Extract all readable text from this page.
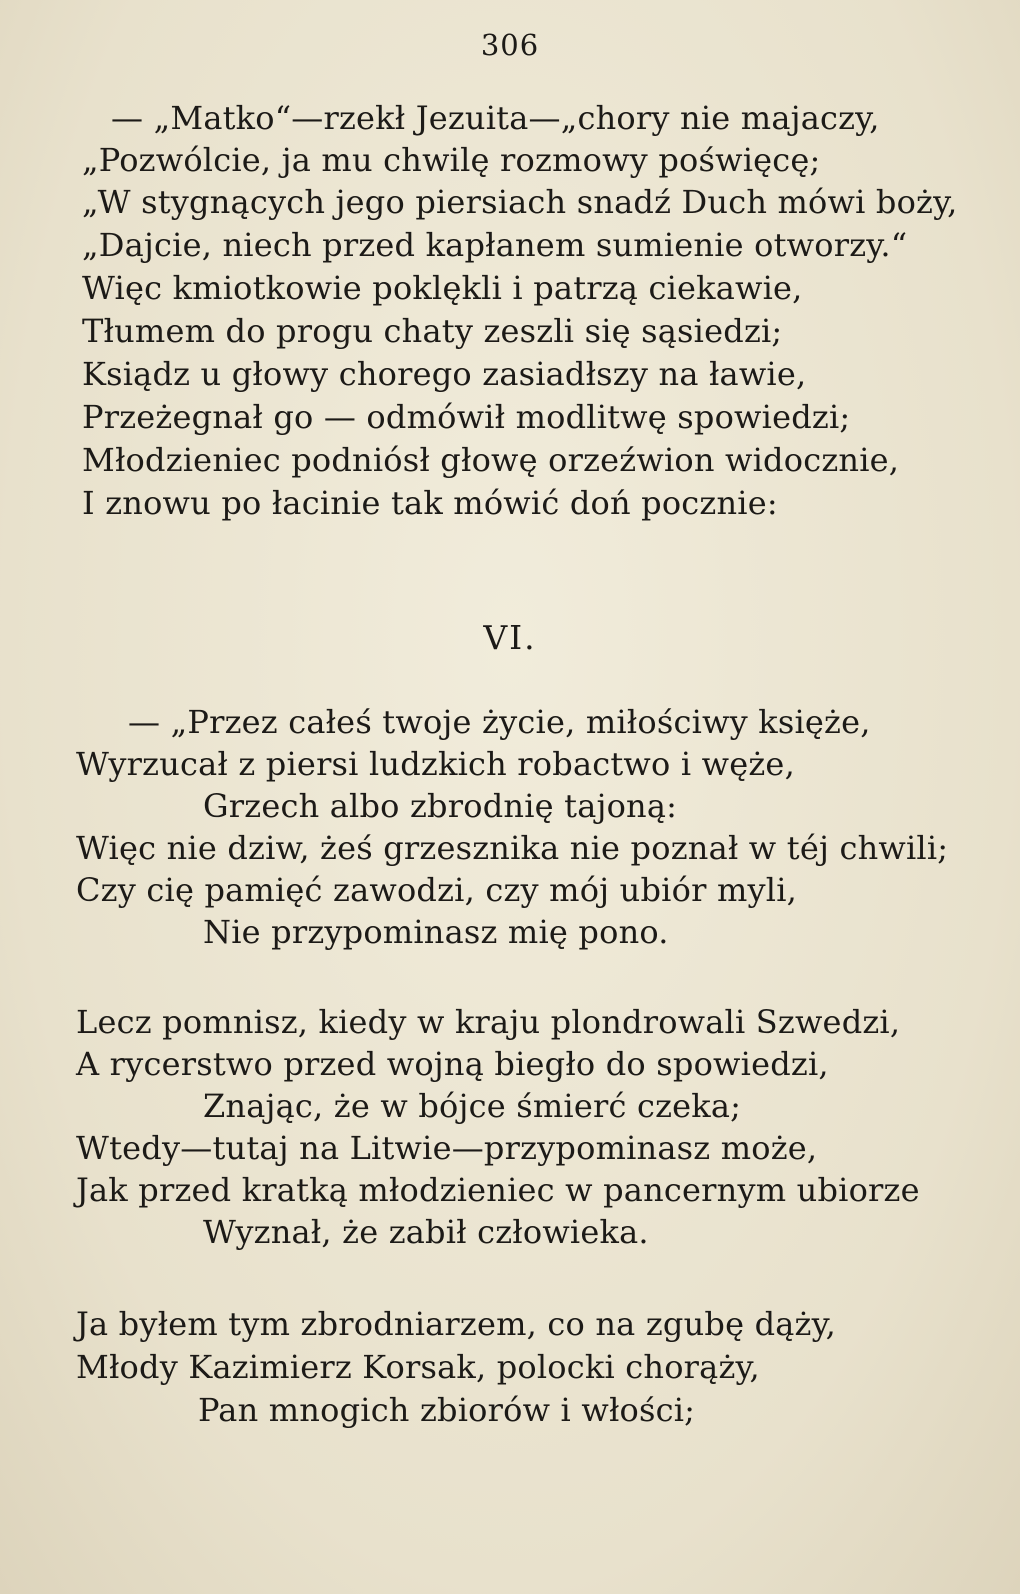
306
— „Matko“—rzekł Jezuita—„chory nie majaczy,
„Pozwólcie, ja mu chwilę rozmowy poświęcę;
„W stygnących jego piersiach snadź Duch mówi boży,
„Dajcie, niech przed kapłanem sumienie otworzy.“
Więc kmiotkowie poklękli i patrzą ciekawie,
Tłumem do progu chaty zeszli się sąsiedzi;
Ksiądz u głowy chorego zasiadłszy na ławie,
Przeżegnał go — odmówił modlitwę spowiedzi;
Młodzieniec podniósł głowę orzeźwion widocznie,
I znowu po łacinie tak mówić doń pocznie:
VI.
— „Przez całeś twoje życie, miłościwy księże,
Wyrzucał z piersi ludzkich robactwo i węże,
Grzech albo zbrodnię tajoną:
Więc nie dziw, żeś grzesznika nie poznał w téj chwili;
Czy cię pamięć zawodzi, czy mój ubiór myli,
Nie przypominasz mię pono.
Lecz pomnisz, kiedy w kraju plondrowali Szwedzi,
A rycerstwo przed wojną biegło do spowiedzi,
Znając, że w bójce śmierć czeka;
Wtedy—tutaj na Litwie—przypominasz może,
Jak przed kratką młodzieniec w pancernym ubiorze
Wyznał, że zabił człowieka.
Ja byłem tym zbrodniarzem, co na zgubę dąży,
Młody Kazimierz Korsak, polocki chorąży,
Pan mnogich zbiorów i włości;
